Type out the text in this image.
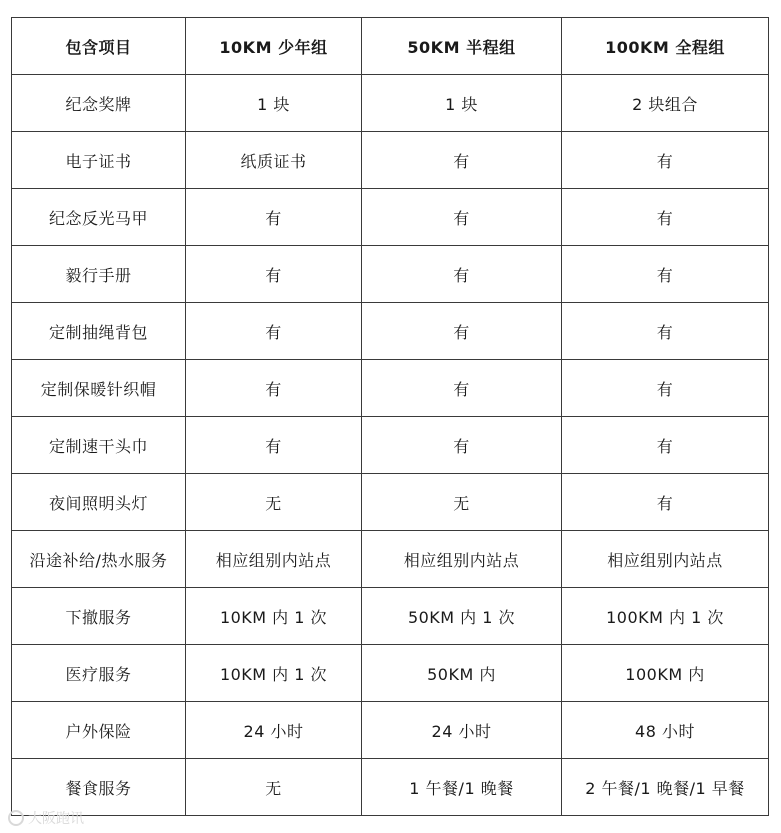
包含项目	10KM 少年组	50KM 半程组	100KM 全程组
纪念奖牌	1 块	1 块	2 块组合
电子证书	纸质证书	有	有
纪念反光马甲	有	有	有
毅行手册	有	有	有
定制抽绳背包	有	有	有
定制保暖针织帽	有	有	有
定制速干头巾	有	有	有
夜间照明头灯	无	无	有
沿途补给/热水服务	相应组别内站点	相应组别内站点	相应组别内站点
下撤服务	10KM 内 1 次	50KM 内 1 次	100KM 内 1 次
医疗服务	10KM 内 1 次	50KM 内	100KM 内
户外保险	24 小时	24 小时	48 小时
餐食服务	无	1 午餐/1 晚餐	2 午餐/1 晚餐/1 早餐
大阪跑讯
